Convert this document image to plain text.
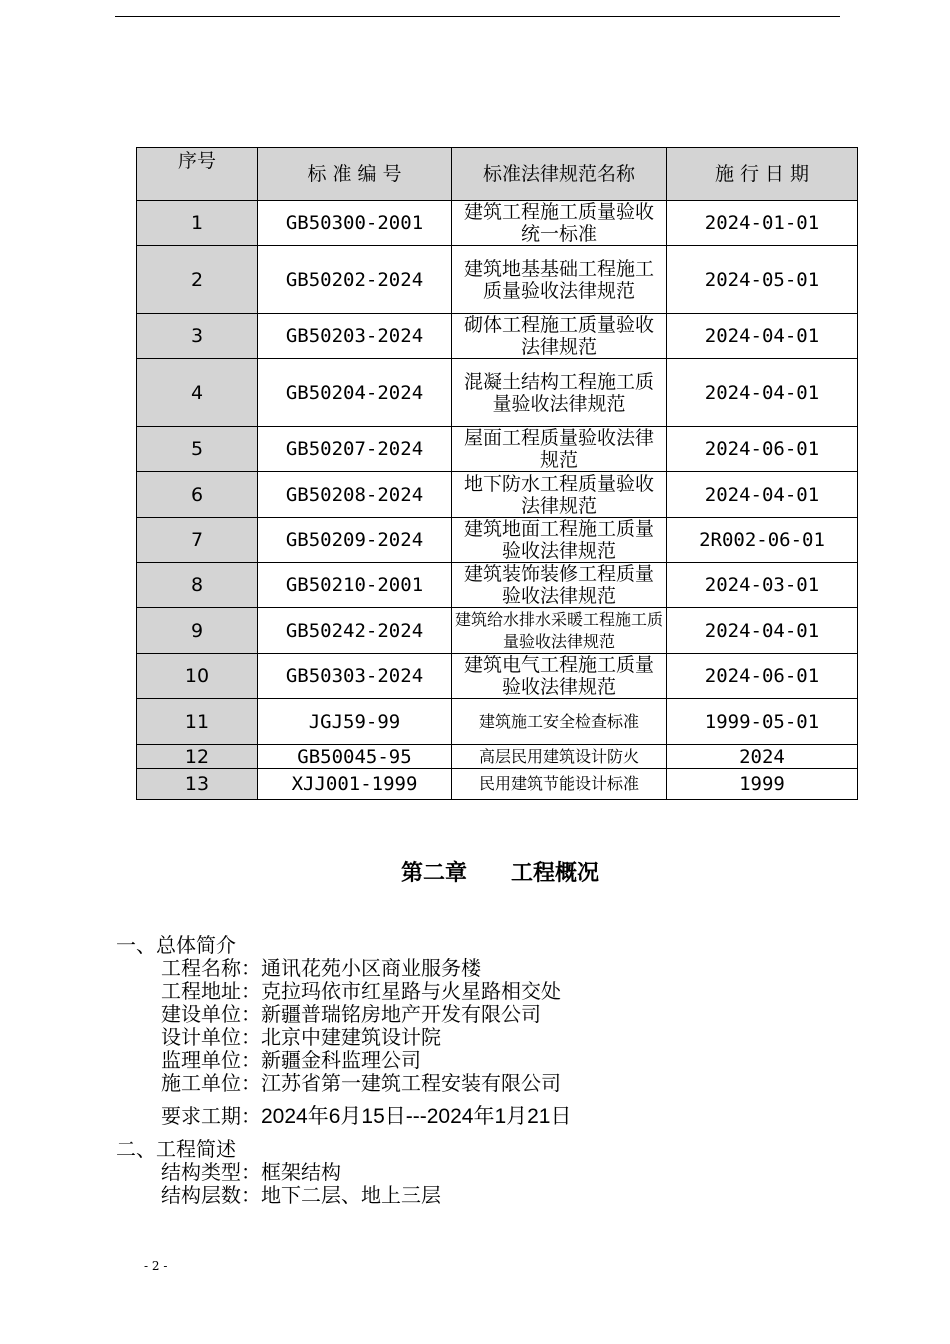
序号	标 准 编 号	标准法律规范名称	施 行 日 期
1	GB50300-2001	建筑工程施工质量验收统一标准	2024-01-01
2	GB50202-2024	建筑地基基础工程施工质量验收法律规范	2024-05-01
3	GB50203-2024	砌体工程施工质量验收法律规范	2024-04-01
4	GB50204-2024	混凝土结构工程施工质量验收法律规范	2024-04-01
5	GB50207-2024	屋面工程质量验收法律规范	2024-06-01
6	GB50208-2024	地下防水工程质量验收法律规范	2024-04-01
7	GB50209-2024	建筑地面工程施工质量验收法律规范	2R002-06-01
8	GB50210-2001	建筑装饰装修工程质量验收法律规范	2024-03-01
9	GB50242-2024	建筑给水排水采暖工程施工质量验收法律规范	2024-04-01
10	GB50303-2024	建筑电气工程施工质量验收法律规范	2024-06-01
11	JGJ59-99	建筑施工安全检查标准	1999-05-01
12	GB50045-95	高层民用建筑设计防火	2024
13	XJJ001-1999	民用建筑节能设计标准	1999
第二章　　工程概况

一、总体简介

工程名称：通讯花苑小区商业服务楼

工程地址：克拉玛依市红星路与火星路相交处

建设单位：新疆普瑞铭房地产开发有限公司

设计单位：北京中建建筑设计院

监理单位：新疆金科监理公司

施工单位：江苏省第一建筑工程安装有限公司

要求工期：2024年6月15日---2024年1月21日

二、工程简述

结构类型：框架结构

结构层数：地下二层、地上三层

- 2 -
